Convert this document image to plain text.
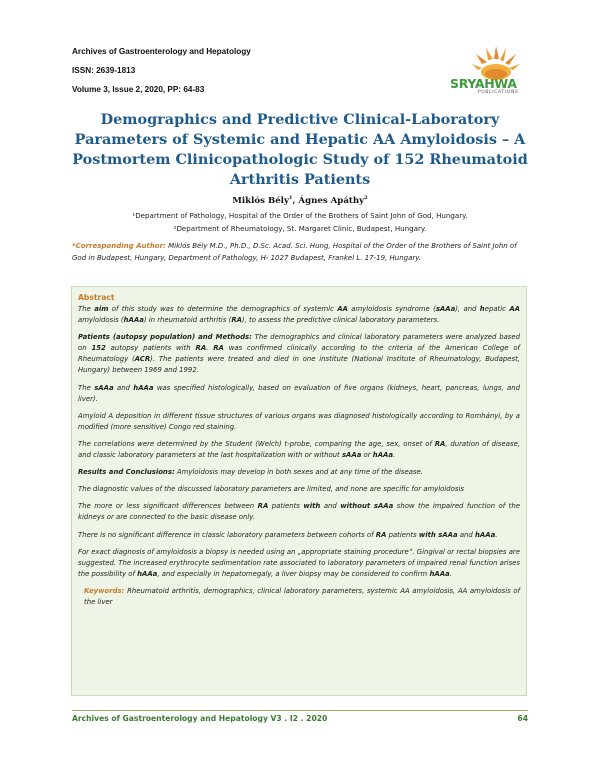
Archives of Gastroenterology and Hepatology
ISSN: 2639-1813
Volume 3, Issue 2, 2020, PP: 64-83	SRYAHWA
PUBLICATIONS
Demographics and Predictive Clinical-Laboratory Parameters of Systemic and Hepatic AA Amyloidosis – A Postmortem Clinicopathologic Study of 152 Rheumatoid Arthritis Patients
Miklós Bély$^1$, Ágnes Apáthy$^2$
¹Department of Pathology, Hospital of the Order of the Brothers of Saint John of God, Hungary.
²Department of Rheumatology, St. Margaret Clinic, Budapest, Hungary.
*Corresponding Author: Miklós Bély M.D., Ph.D., D.Sc. Acad. Sci. Hung, Hospital of the Order of the Brothers of Saint John of God in Budapest, Hungary, Department of Pathology, H- 1027 Budapest, Frankel L. 17-19, Hungary.
Abstract

The aim of this study was to determine the demographics of systemic AA amyloidosis syndrome (sAAa), and hepatic AA amyloidosis (hAAa) in rheumatoid arthritis (RA), to assess the predictive clinical laboratory parameters.

Patients (autopsy population) and Methods: The demographics and clinical laboratory parameters were analyzed based on 152 autopsy patients with RA. RA was confirmed clinically according to the criteria of the American College of Rheumatology (ACR). The patients were treated and died in one institute (National Institute of Rheumatology, Budapest, Hungary) between 1969 and 1992.

The sAAa and hAAa was specified histologically, based on evaluation of five organs (kidneys, heart, pancreas, lungs, and liver).

Amyloid A deposition in different tissue structures of various organs was diagnosed histologically according to Romhányi, by a modified (more sensitive) Congo red staining.

The correlations were determined by the Student (Welch) t-probe, comparing the age, sex, onset of RA, duration of disease, and classic laboratory parameters at the last hospitalization with or without sAAa or hAAa.

Results and Conclusions: Amyloidosis may develop in both sexes and at any time of the disease.

The diagnostic values of the discussed laboratory parameters are limited, and none are specific for amyloidosis

The more or less significant differences between RA patients with and without sAAa show the impaired function of the kidneys or are connected to the basic disease only.

There is no significant difference in classic laboratory parameters between cohorts of RA patients with sAAa and hAAa.

For exact diagnosis of amyloidosis a biopsy is needed using an „appropriate staining procedure”. Gingival or rectal biopsies are suggested. The increased erythrocyte sedimentation rate associated to laboratory parameters of impaired renal function arises the possibility of hAAa, and especially in hepatomegaly, a liver biopsy may be considered to confirm hAAa.

Keywords: Rheumatoid arthritis, demographics, clinical laboratory parameters, systemic AA amyloidosis, AA amyloidosis of the liver

Archives of Gastroenterology and Hepatology V3 . I2 . 2020	64
